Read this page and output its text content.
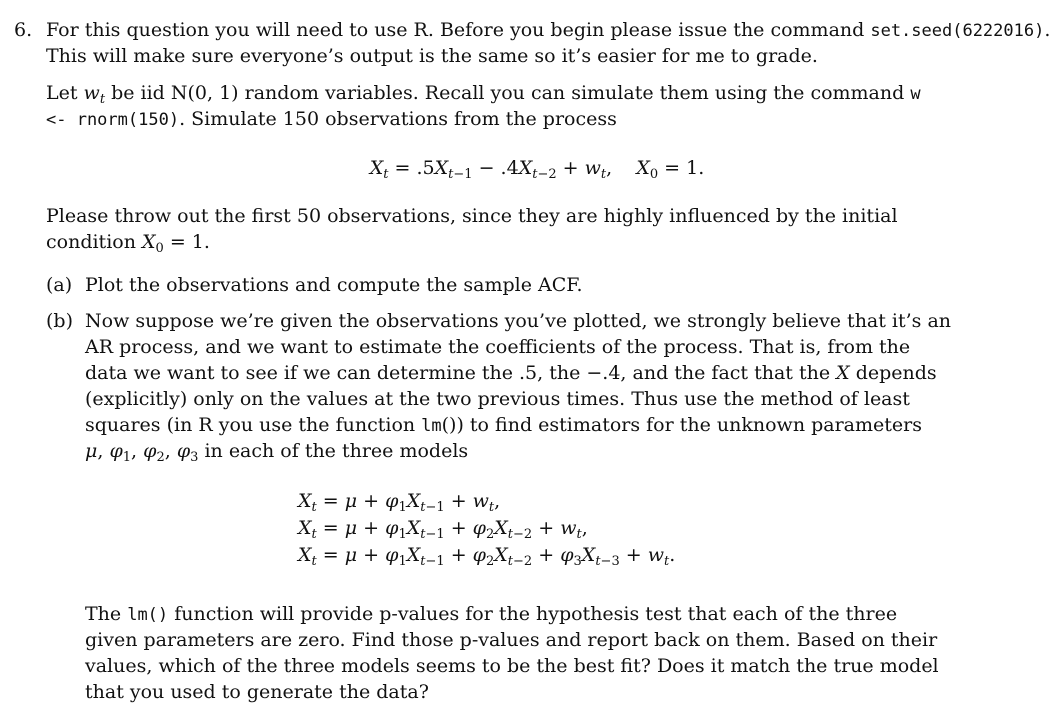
6. For this question you will need to use R. Before you begin please issue the command set.seed(6222016).
This will make sure everyone’s output is the same so it’s easier for me to grade.
Let $w_t$ be iid N(0, 1) random variables. Recall you can simulate them using the command w
<- rnorm(150). Simulate 150 observations from the process
$X_t = .5X_{t-1} - .4X_{t-2} + w_t$,    $X_0 = 1$.
Please throw out the first 50 observations, since they are highly influenced by the initial
condition $X_0 = 1$.
(a) Plot the observations and compute the sample ACF.
(b) Now suppose we’re given the observations you’ve plotted, we strongly believe that it’s an
AR process, and we want to estimate the coefficients of the process. That is, from the
data we want to see if we can determine the .5, the −.4, and the fact that the X depends
(explicitly) only on the values at the two previous times. Thus use the method of least
squares (in R you use the function lm()) to find estimators for the unknown parameters
μ, $\varphi_1$, $\varphi_2$, $\varphi_3$ in each of the three models
$X_t = \mu + \varphi_1X_{t-1} + w_t$,
$X_t = \mu + \varphi_1X_{t-1} + \varphi_2X_{t-2} + w_t$,
$X_t = \mu + \varphi_1X_{t-1} + \varphi_2X_{t-2} + \varphi_3X_{t-3} + w_t$.
The lm() function will provide p-values for the hypothesis test that each of the three
given parameters are zero. Find those p-values and report back on them. Based on their
values, which of the three models seems to be the best fit? Does it match the true model
that you used to generate the data?
